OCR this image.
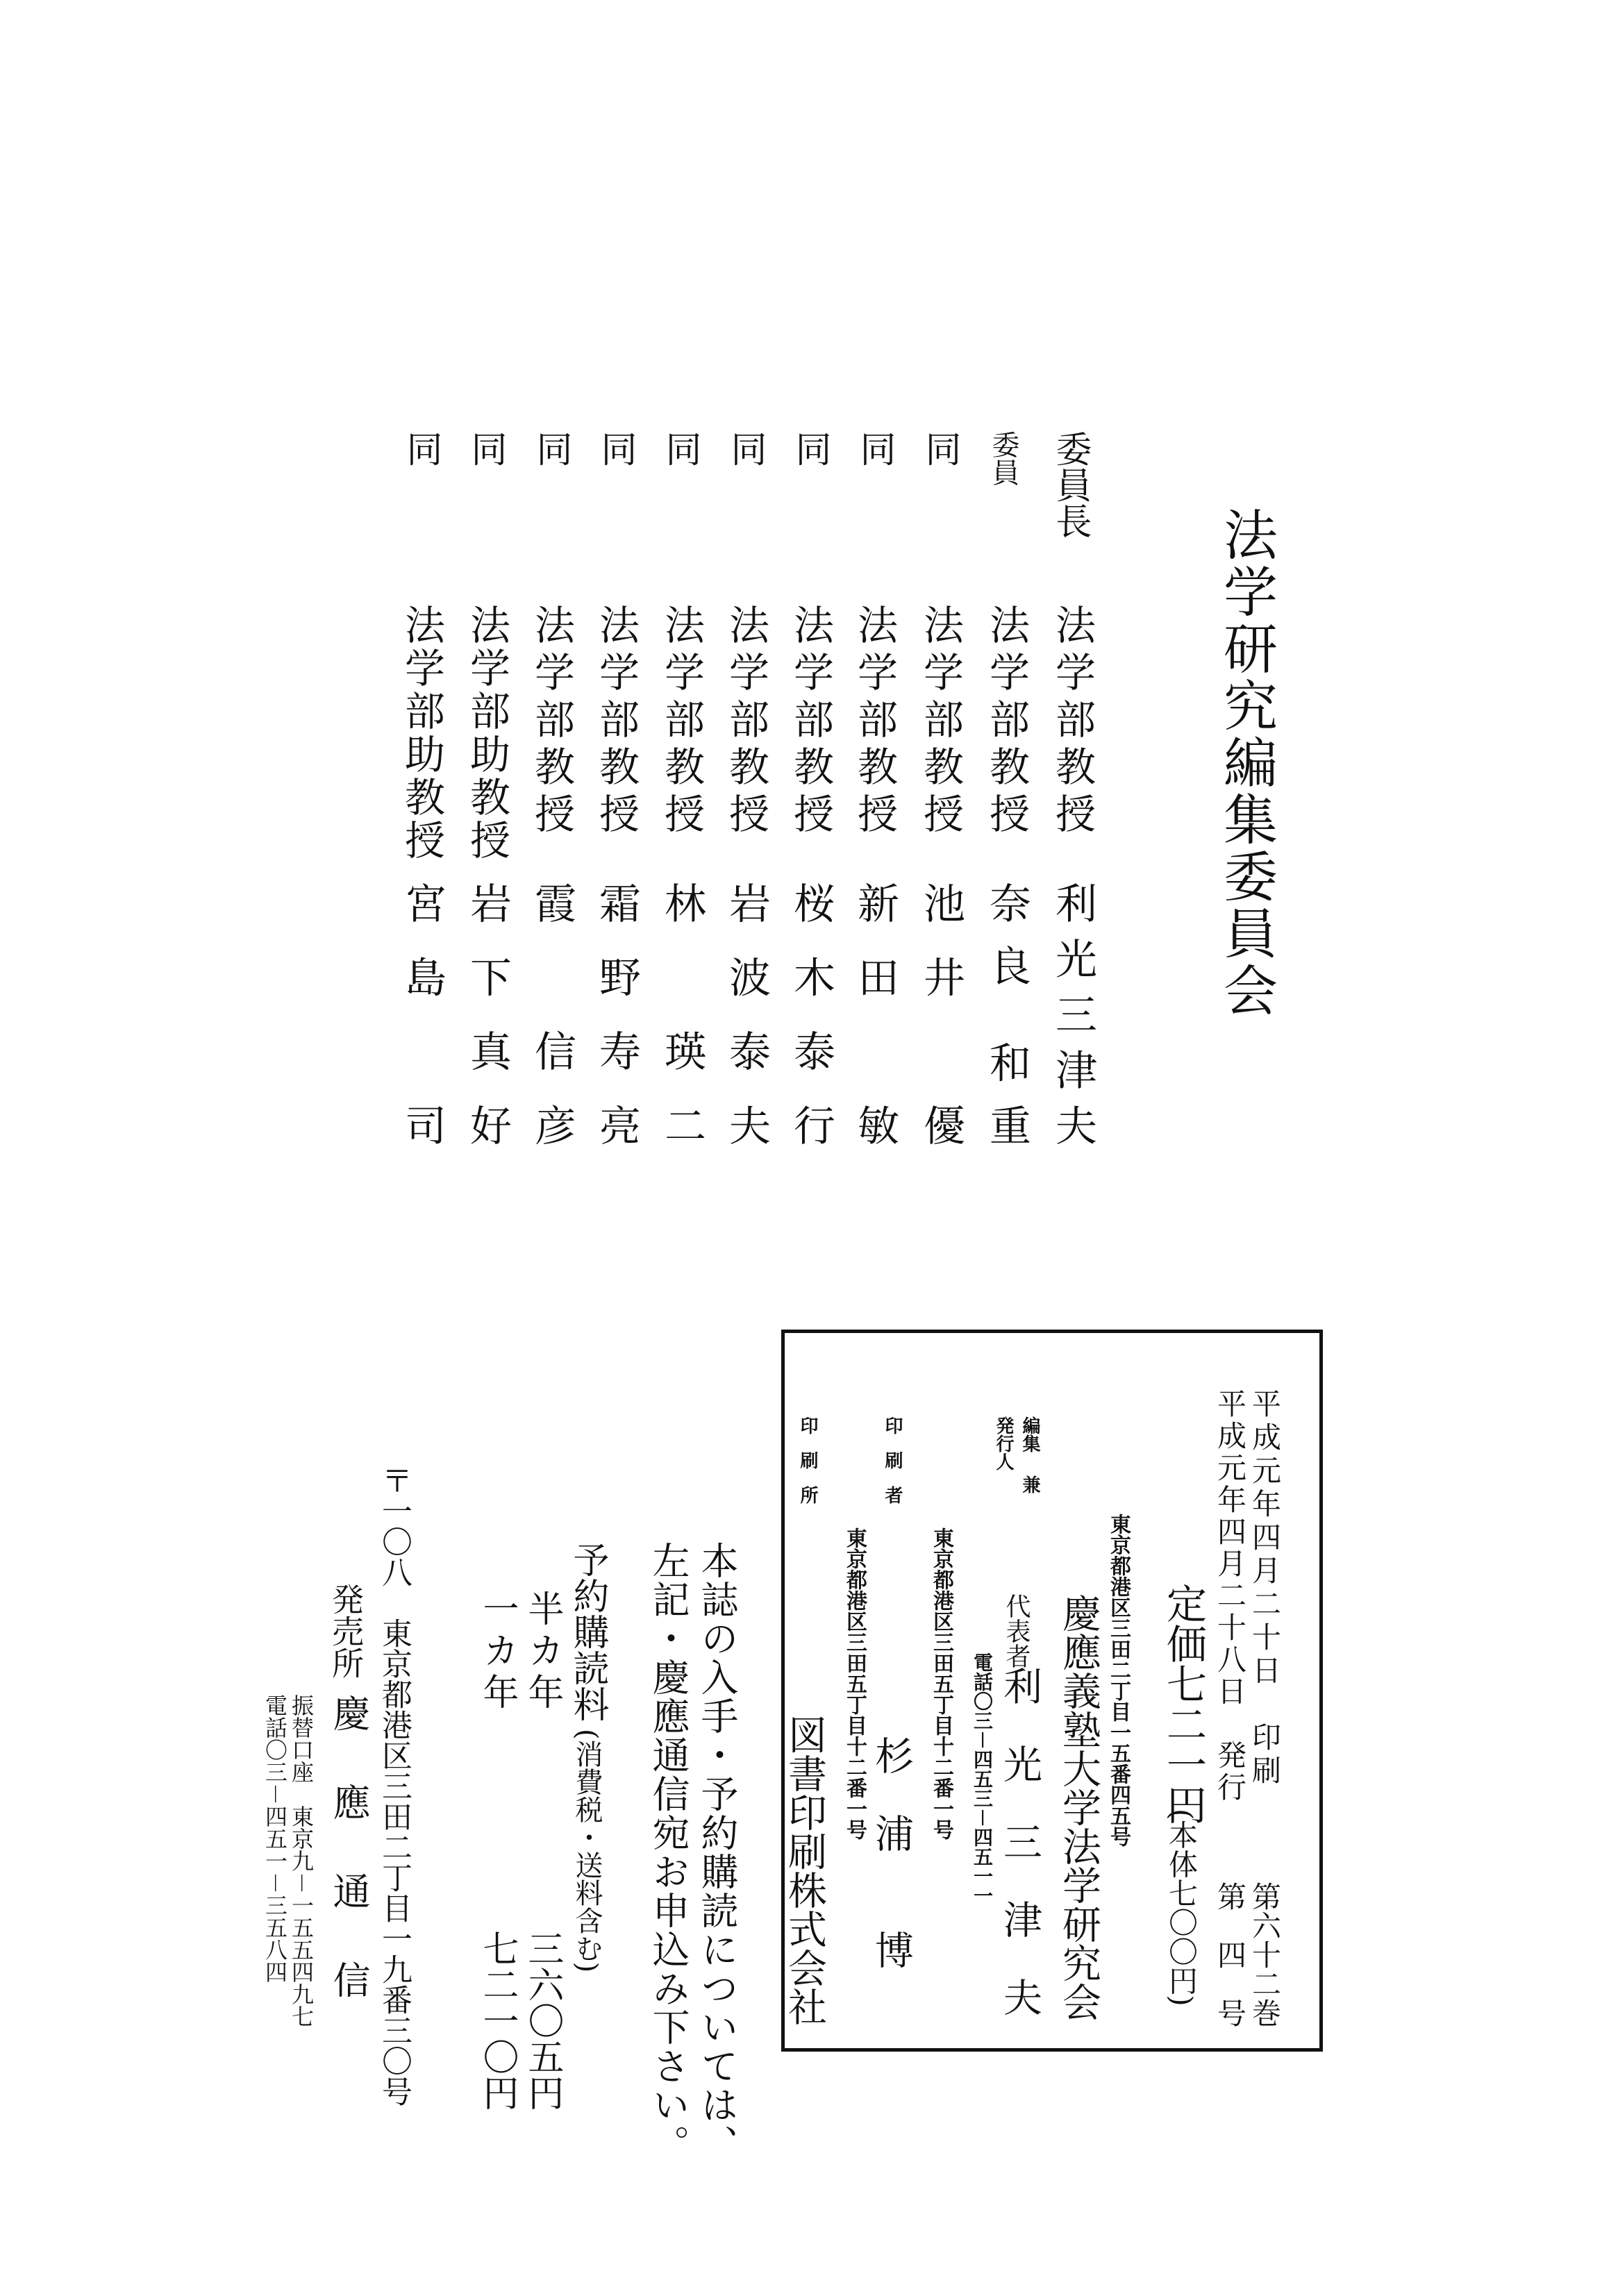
法学研究編集委員会
委員長
法学部教授
利光三津夫
委員
法学部教授
奈良 和重
同
法学部教授
池井　優
同
法学部教授
新田　敏
同
法学部教授
桜木泰行
同
法学部教授
岩波泰夫
同
法学部教授
林　瑛二
同
法学部教授
霜野寿亮
同
法学部教授
霞　信彦
同
法学部助教授
岩下真好
同
法学部助教授
宮島　司
平成元年四月二十日　印刷
平成元年四月二十八日　発行
第六十二巻
第　四　号
定価七二一円
(本体七〇〇円)
編集
発行人
兼
東京都港区三田二丁目一五番四五号
慶應義塾大学法学研究会
代表者
利　光　三　津　夫
電話〇三－四五三－四五一一
印刷者
東京都港区三田五丁目十二番一号
杉　浦　　博
印刷所
東京都港区三田五丁目十二番一号
図書印刷株式会社
本誌の入手・予約購読については、
左記・慶應通信宛お申込み下さい。
予約購読料
(消費税・送料含む)
半カ年
三六〇五円
一カ年
七二一〇円
〒一〇八　東京都港区三田二丁目一九番三〇号
発売所
慶　應　通　信
振替口座　東京九－一五五四九七
電話〇三－四五一－三五八四
